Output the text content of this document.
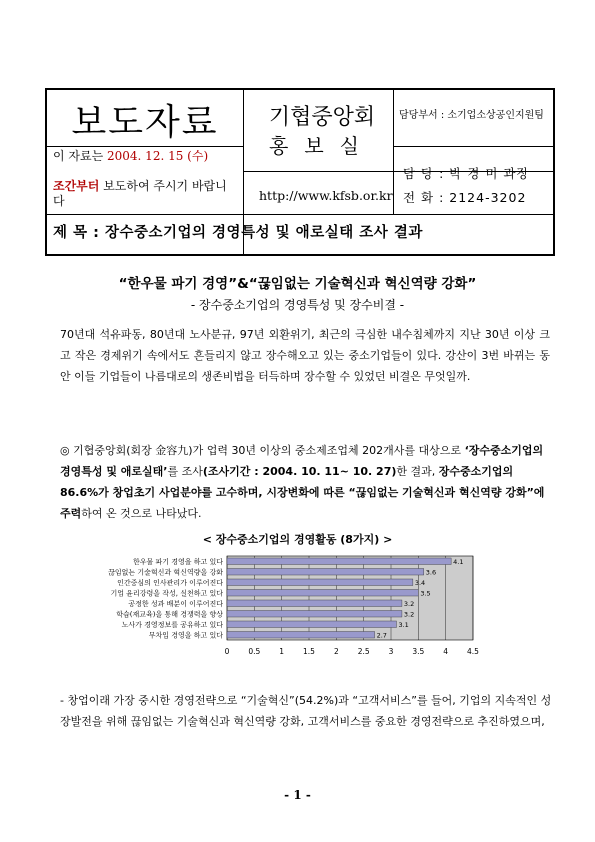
보도자료	기협중앙회
홍보실
담당부서 : 소기업소상공인지원팀
담 당 : 박 경 미 과장
이 자료는 2004. 12. 15 (수)
조간부터 보도하여 주시기 바랍니다	http://www.kfsb.or.kr 전 화 : 2124-3202
제 목 : 장수중소기업의 경영특성 및 애로실태 조사 결과
“한우물 파기 경영”&“끊임없는 기술혁신과 혁신역량 강화”
- 장수중소기업의 경영특성 및 장수비결 -
70년대 석유파동, 80년대 노사분규, 97년 외환위기, 최근의 극심한 내수침체까지 지난 30년 이상 크고 작은 경제위기 속에서도 흔들리지 않고 장수해오고 있는 중소기업들이 있다. 강산이 3번 바뀌는 동안 이들 기업들이 나름대로의 생존비법을 터득하며 장수할 수 있었던 비결은 무엇일까.
◎ 기협중앙회(회장 金容九)가 업력 30년 이상의 중소제조업체 202개사를 대상으로 ‘장수중소기업의 경영특성 및 애로실태’를 조사(조사기간 : 2004. 10. 11~ 10. 27)한 결과, 장수중소기업의 86.6%가 창업초기 사업분야를 고수하며, 시장변화에 따른 “끊임없는 기술혁신과 혁신역량 강화”에 주력하여 온 것으로 나타났다.
< 장수중소기업의 경영활동 (8가지) >
0	0.5	1	1.5	2	2.5	3	3.5	4	4.5
한우물 파기 경영을 하고 있다	4.1
끊임없는 기술혁신과 혁신역량을 강화	3.6
인간중심의 인사관리가 이루어진다	3.4
기업 윤리강령을 작성, 실천하고 있다	3.5
공정한 성과 배분이 이루어진다	3.2
학습(재교육)을 통해 경쟁력을 향상	3.2
노사가 경영정보를 공유하고 있다	3.1
무차입 경영을 하고 있다	2.7
- 창업이래 가장 중시한 경영전략으로 “기술혁신”(54.2%)과 “고객서비스”를 들어, 기업의 지속적인 성장발전을 위해 끊임없는 기술혁신과 혁신역량 강화, 고객서비스를 중요한 경영전략으로 추진하였으며,
- 1 -
